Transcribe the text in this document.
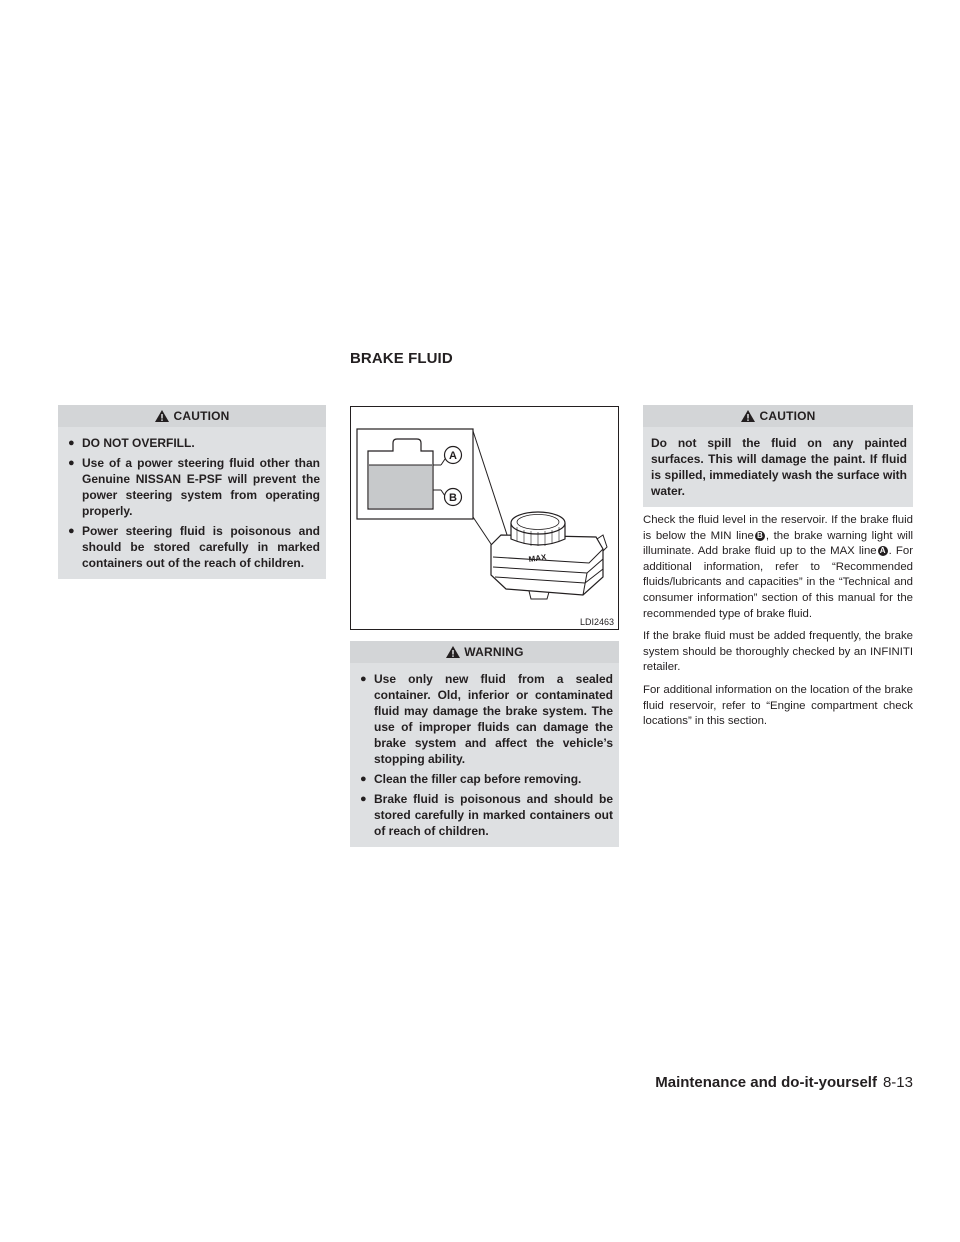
BRAKE FLUID
CAUTION
● DO NOT OVERFILL.
● Use of a power steering fluid other than Genuine NISSAN E-PSF will prevent the power steering system from operating properly.
● Power steering fluid is poisonous and should be stored carefully in marked containers out of the reach of children.
A
B
MAX
LDI2463
WARNING
● Use only new fluid from a sealed container. Old, inferior or contaminated fluid may damage the brake system. The use of improper fluids can damage the brake system and affect the vehicle’s stopping ability.
● Clean the filler cap before removing.
● Brake fluid is poisonous and should be stored carefully in marked containers out of reach of children.
CAUTION
Do not spill the fluid on any painted surfaces. This will damage the paint. If fluid is spilled, immediately wash the surface with water.

Check the fluid level in the reservoir. If the brake fluid is below the MIN line B , the brake warning light will illuminate. Add brake fluid up to the MAX line A . For additional information, refer to “Recommended fluids/lubricants and capacities” in the “Technical and consumer information” section of this manual for the recommended type of brake fluid.

If the brake fluid must be added frequently, the brake system should be thoroughly checked by an INFINITI retailer.

For additional information on the location of the brake fluid reservoir, refer to “Engine compartment check locations” in this section.

Maintenance and do-it-yourself 8-13
